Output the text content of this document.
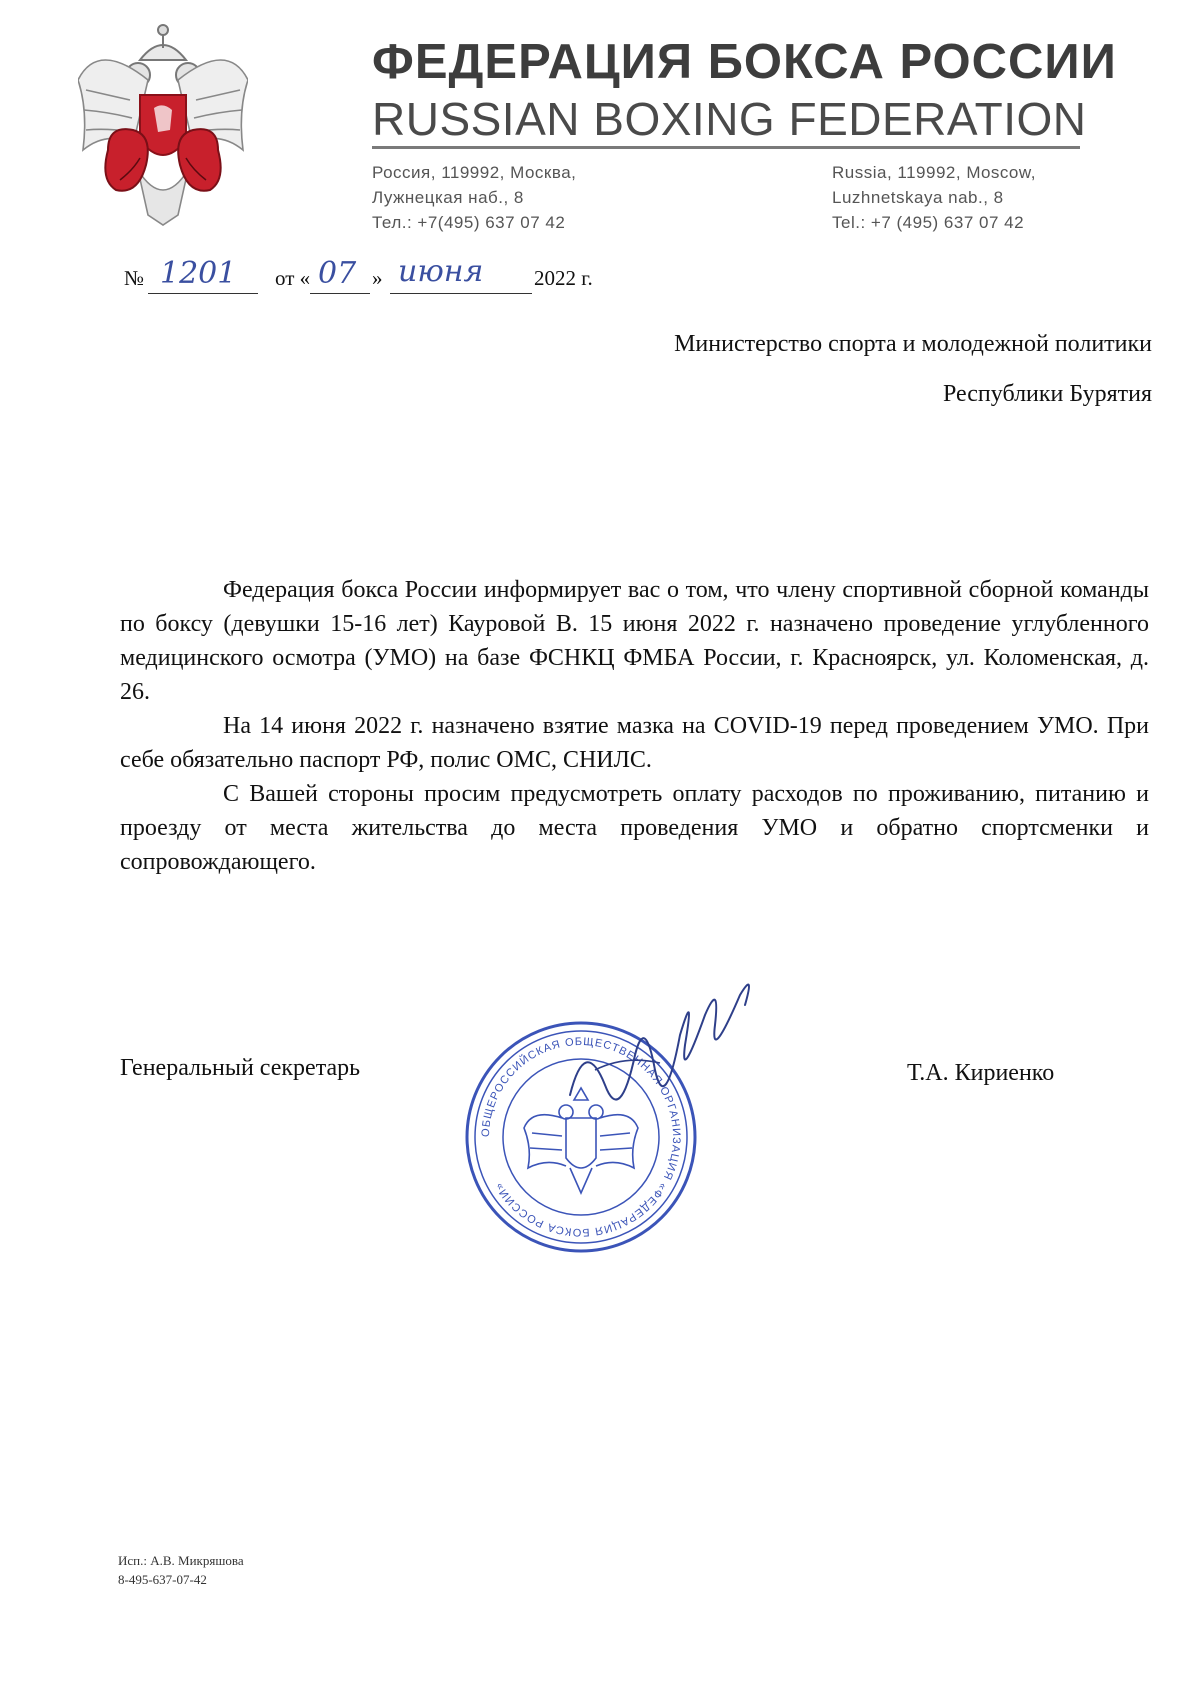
ФЕДЕРАЦИЯ БОКСА РОССИИ
RUSSIAN BOXING FEDERATION
Россия, 119992, Москва,
Лужнецкая наб., 8
Тел.: +7(495) 637 07 42
Russia, 119992, Moscow,
Luzhnetskaya nab., 8
Tel.: +7 (495) 637 07 42
№ 1201 от « 07 » июня 2022 г.
Министерство спорта и молодежной политики
Республики Бурятия

Федерация бокса России информирует вас о том, что члену спортивной сборной команды по боксу (девушки 15-16 лет) Кауровой В. 15 июня 2022 г. назначено проведение углубленного медицинского осмотра (УМО) на базе ФСНКЦ ФМБА России, г. Красноярск, ул. Коломенская, д. 26.

На 14 июня 2022 г. назначено взятие мазка на COVID-19 перед проведением УМО. При себе обязательно паспорт РФ, полис ОМС, СНИЛС.

С Вашей стороны просим предусмотреть оплату расходов по проживанию, питанию и проезду от места жительства до места проведения УМО и обратно спортсменки и сопровождающего.

Генеральный секретарь	Т.А. Кириенко
ОБЩЕРОССИЙСКАЯ ОБЩЕСТВЕННАЯ ОРГАНИЗАЦИЯ «ФЕДЕРАЦИЯ БОКСА РОССИИ»
Исп.: А.В. Микряшова
8-495-637-07-42
